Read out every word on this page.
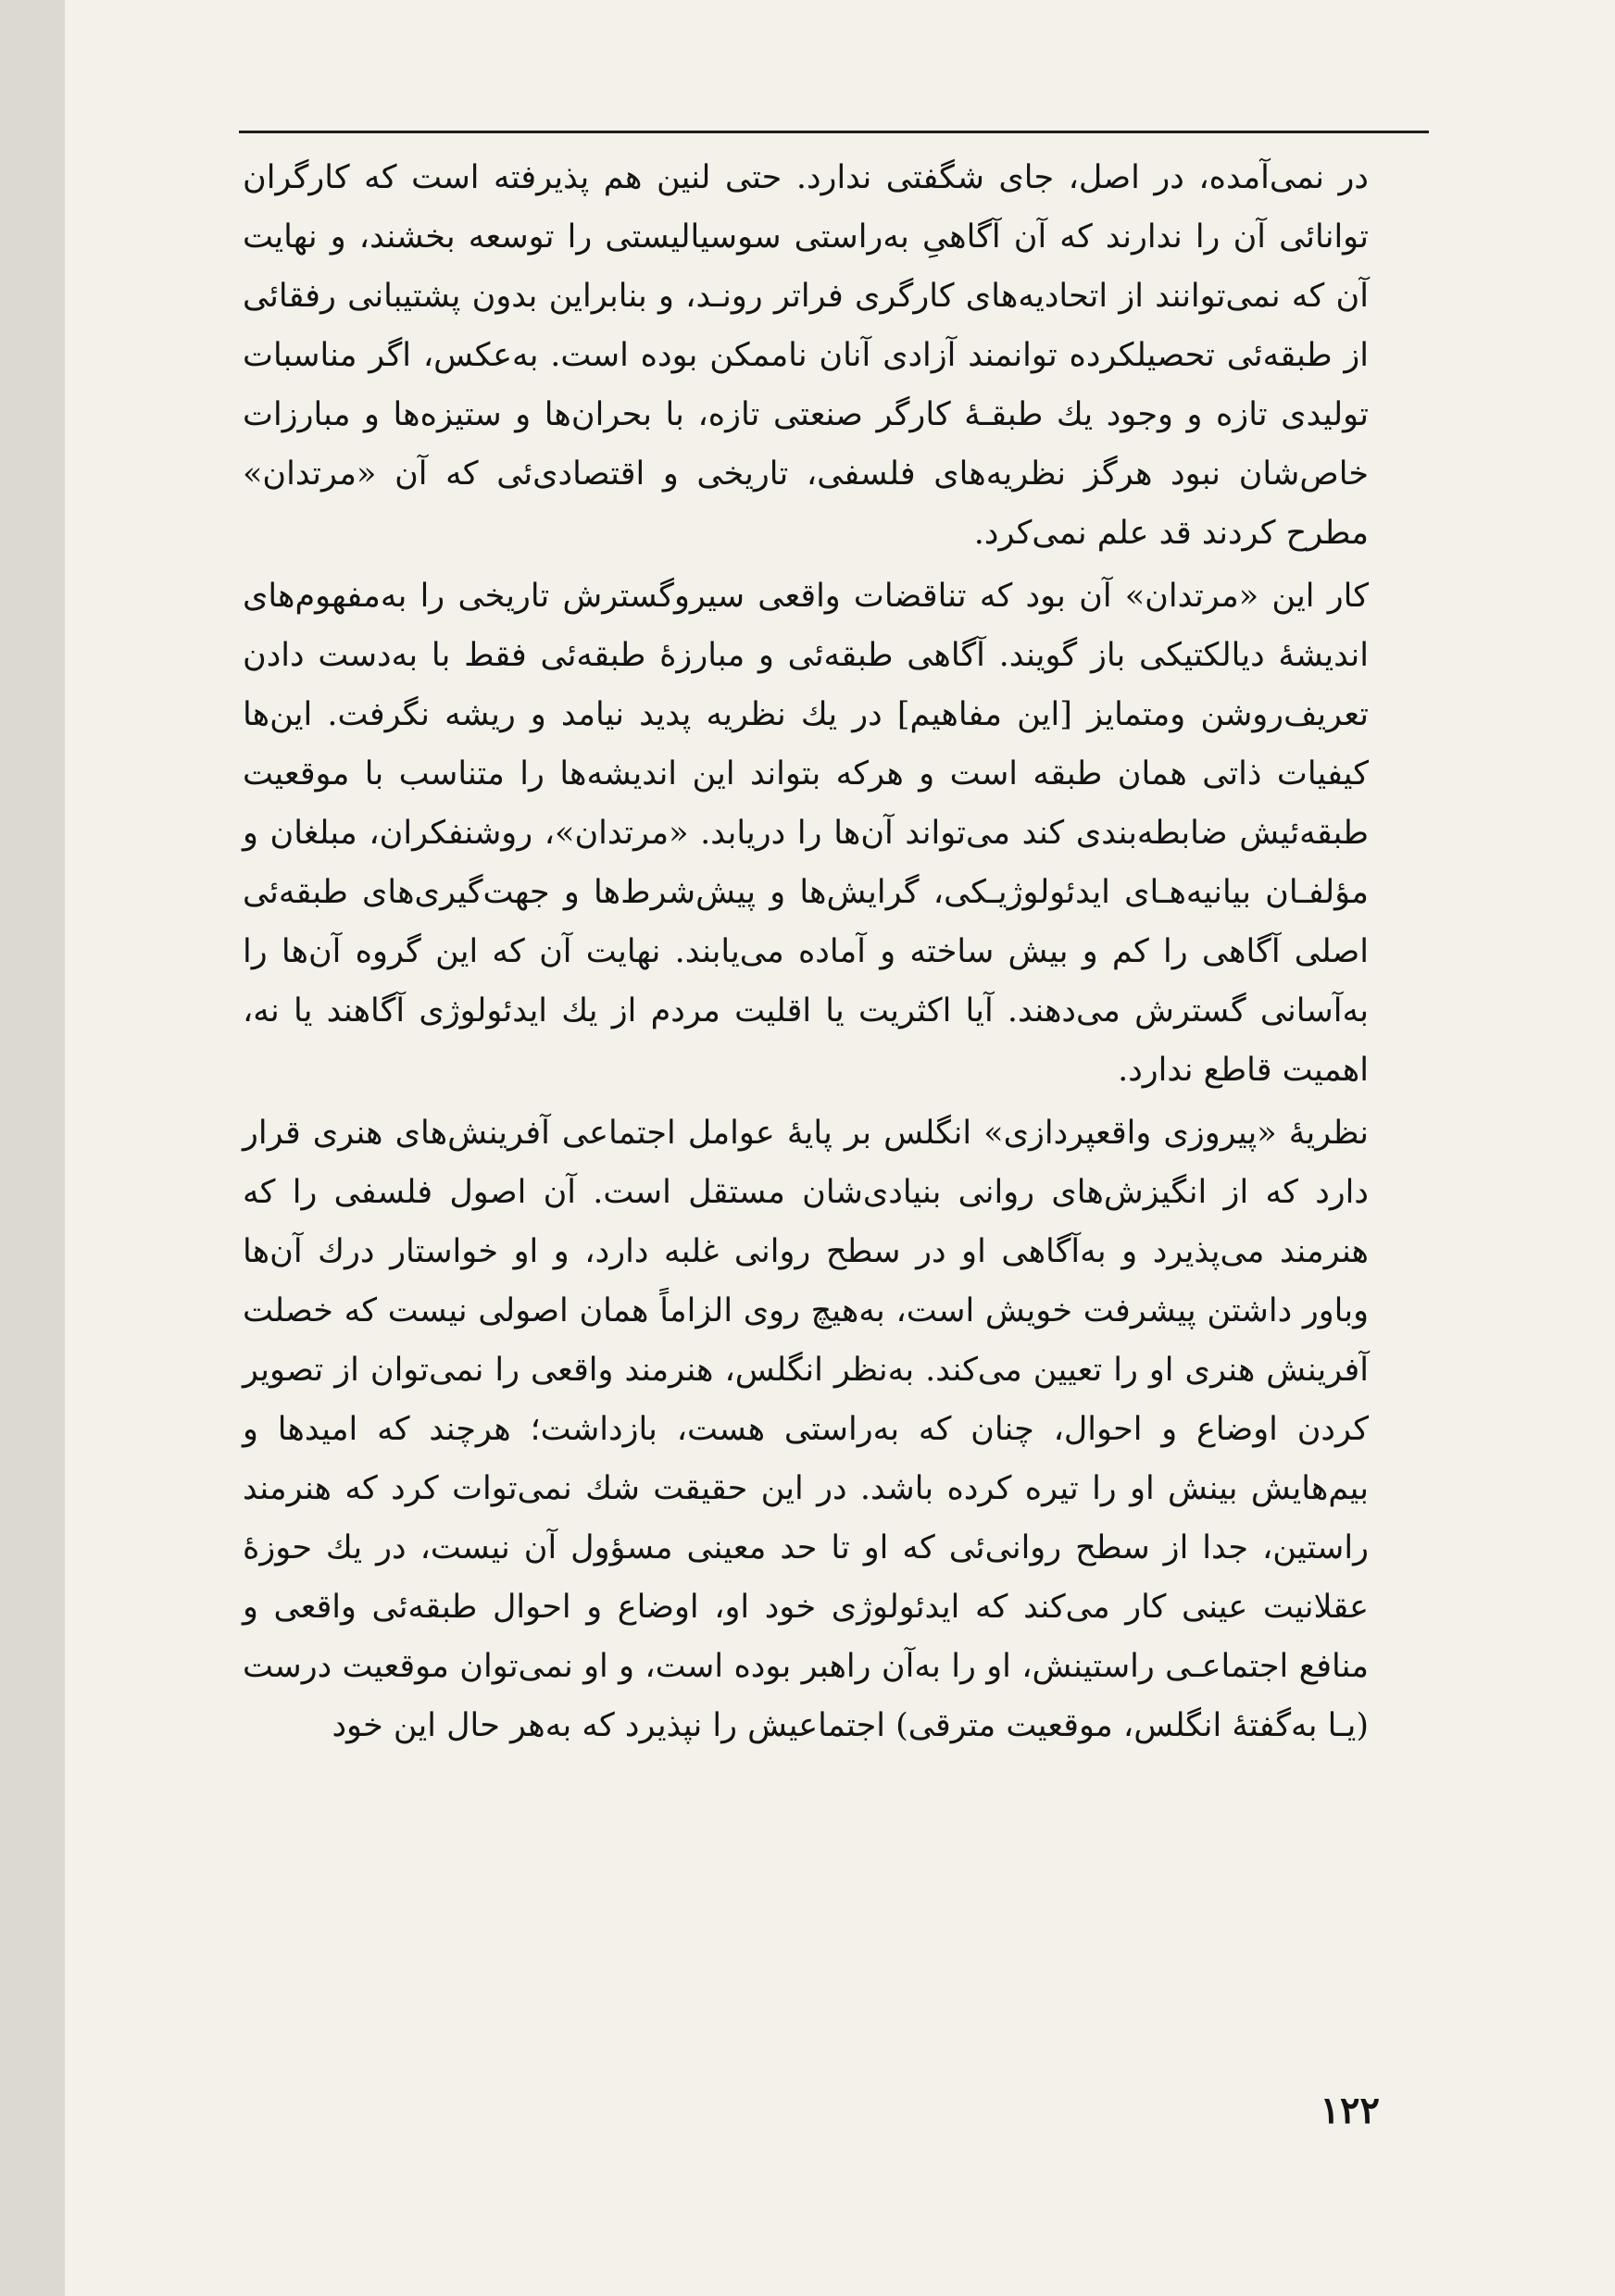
در نمی‌آمده، در اصل، جای شگفتی ندارد. حتی لنین هم پذیرفته است که کارگران توانائی آن را ندارند که آن آگاهیِ به‌راستی سوسیالیستی را توسعه بخشند، و نهایت آن که نمی‌توانند از اتحادیه‌های کارگری فراتر رونـد، و بنابراین بدون پشتیبانی رفقائی از طبقه‌ئی تحصیلکرده توانمند آزادی آنان ناممکن بوده است. به‌عکس، اگر مناسبات تولیدی تازه و وجود یك طبقـۀ کارگر صنعتی تازه، با بحران‌ها و ستیزه‌ها و مبارزات خاص‌شان نبود هرگز نظریه‌های فلسفی، تاریخی و اقتصادی‌ئی که آن «مرتدان» مطرح کردند قد علم نمی‌کرد.

کار این «مرتدان» آن بود که تناقضات واقعی سیروگسترش تاریخی را به‌مفهوم‌های اندیشۀ دیالکتیکی باز گویند. آگاهی طبقه‌ئی و مبارزۀ طبقه‌ئی فقط با به‌دست دادن تعریف‌روشن ومتمایز [این مفاهیم] در یك نظریه پدید نیامد و ریشه نگرفت. این‌ها کیفیات ذاتی همان طبقه است و هرکه بتواند این اندیشه‌ها را متناسب با موقعیت طبقه‌ئیش ضابطه‌بندی کند می‌تواند آن‌ها را دریابد. «مرتدان»، روشنفکران، مبلغان و مؤلفـان بیانیه‌هـای ایدئولوژیـکی، گرایش‌ها و پیش‌شرط‌ها و جهت‌گیری‌های طبقه‌ئی اصلی آگاهی را کم و بیش ساخته و آماده می‌یابند. نهایت آن که این گروه آن‌ها را به‌آسانی گسترش می‌دهند. آیا اکثریت یا اقلیت مردم از یك ایدئولوژی آگاهند یا نه، اهمیت قاطع ندارد.

نظریۀ «پیروزی واقعپردازی» انگلس بر پایۀ عوامل اجتماعی آفرینش‌های هنری قرار دارد که از انگیزش‌های روانی بنیادی‌شان مستقل است. آن اصول فلسفی را که هنرمند می‌پذیرد و به‌آگاهی او در سطح روانی غلبه دارد، و او خواستار درك آن‌ها وباور داشتن پیشرفت خویش است، به‌هیچ روی الزاماً همان اصولی نیست که خصلت آفرینش هنری او را تعیین می‌کند. به‌نظر انگلس، هنرمند واقعی را نمی‌توان از تصویر کردن اوضاع و احوال، چنان که به‌راستی هست، بازداشت؛ هرچند که امیدها و بیم‌هایش بینش او را تیره کرده باشد. در این حقیقت شك نمی‌توات کرد که هنرمند راستین، جدا از سطح روانی‌ئی که او تا حد معینی مسؤول آن نیست، در یك حوزۀ عقلانیت عینی کار می‌کند که ایدئولوژی خود او، اوضاع و احوال طبقه‌ئی واقعی و منافع اجتماعـی راستینش، او را به‌آن راهبر بوده است، و او نمی‌توان موقعیت درست (یـا به‌گفتۀ انگلس، موقعیت مترقی) اجتماعیش را نپذیرد که به‌هر حال این خود

۱۲۲
